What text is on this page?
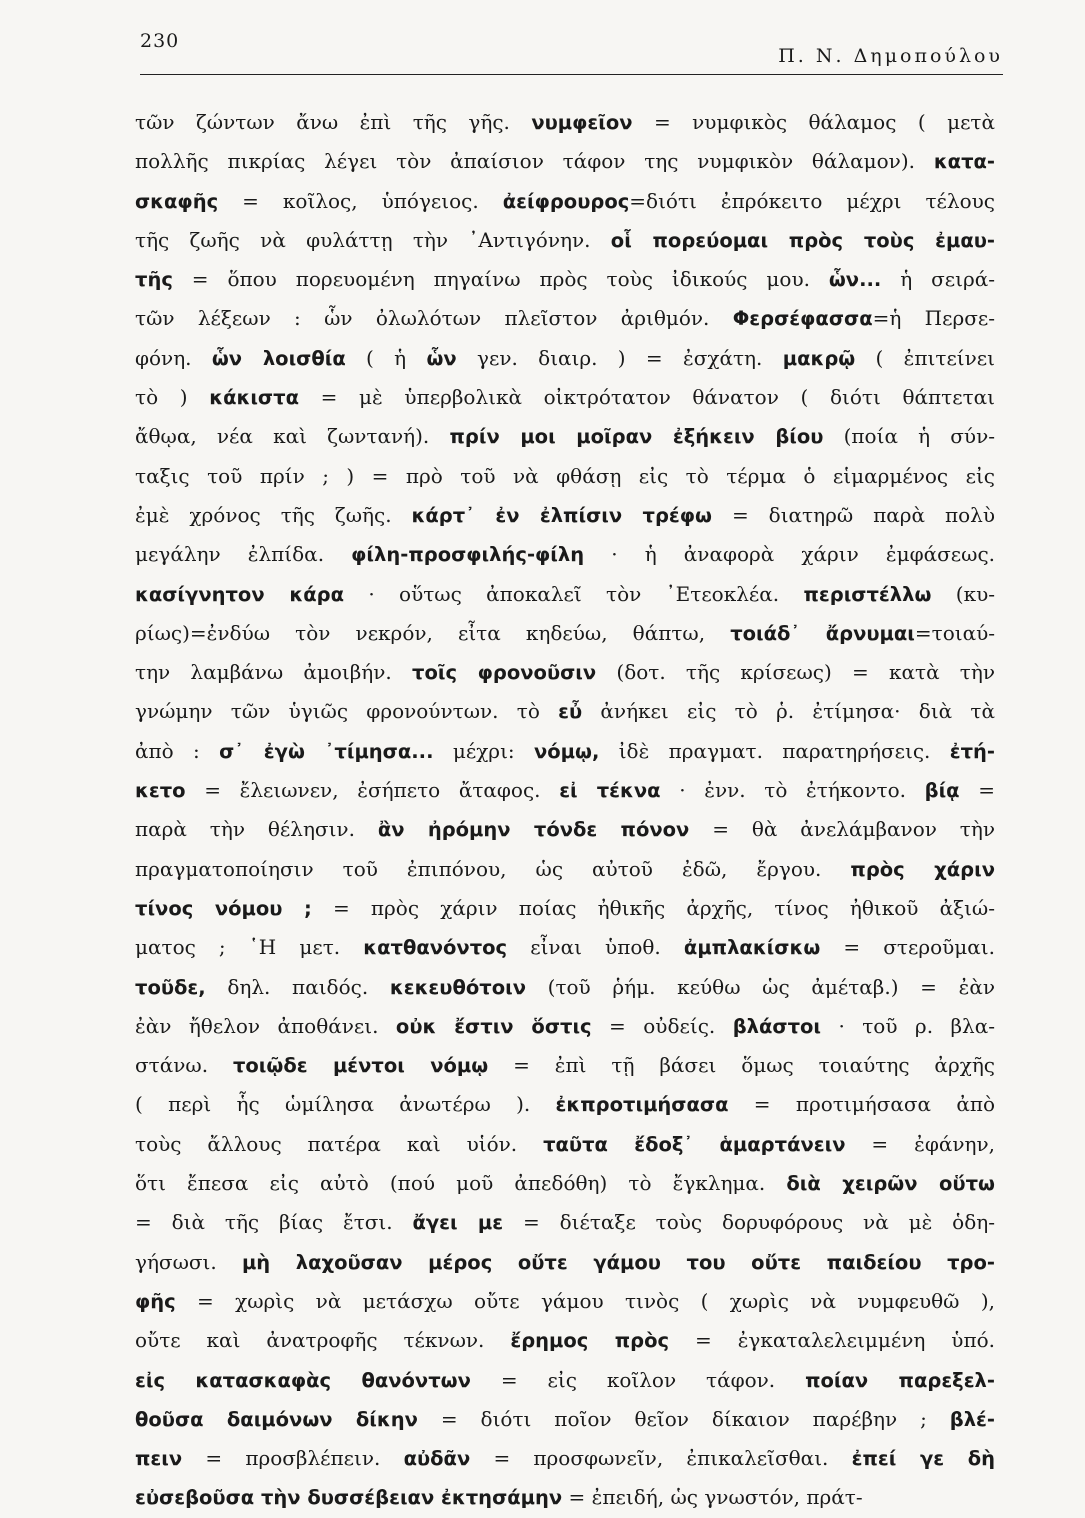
230
Π. Ν. Δημοπούλου
τῶν ζώντων ἄνω ἐπὶ τῆς γῆς. νυμφεῖον = νυμφικὸς θάλαμος ( μετὰ
πολλῆς πικρίας λέγει τὸν ἀπαίσιον τάφον της νυμφικὸν θάλαμον). κατα-
σκαφῆς = κοῖλος, ὑπόγειος. ἀείφρουρος=διότι ἐπρόκειτο μέχρι τέλους
τῆς ζωῆς νὰ φυλάττῃ τὴν ᾽Αντιγόνην. οἷ πορεύομαι πρὸς τοὺς ἐμαυ-
τῆς = ὅπου πορευομένη πηγαίνω πρὸς τοὺς ἰδικούς μου. ὧν... ἡ σειρά-
τῶν λέξεων : ὧν ὀλωλότων πλεῖστον ἀριθμόν. Φερσέφασσα=ἡ Περσε-
φόνη. ὧν λοισθία ( ἡ ὧν γεν. διαιρ. ) = ἐσχάτη. μακρῷ ( ἐπιτείνει
τὸ ) κάκιστα = μὲ ὑπερβολικὰ οἰκτρότατον θάνατον ( διότι θάπτεται
ἄθῳα, νέα καὶ ζωντανή). πρίν μοι μοῖραν ἐξήκειν βίου (ποία ἡ σύν-
ταξις τοῦ πρίν ; ) = πρὸ τοῦ νὰ φθάσῃ εἰς τὸ τέρμα ὁ εἱμαρμένος εἰς
ἐμὲ χρόνος τῆς ζωῆς. κάρτ᾽ ἐν ἐλπίσιν τρέφω = διατηρῶ παρὰ πολὺ
μεγάλην ἐλπίδα. φίλη-προσφιλής-φίλη · ἡ ἀναφορὰ χάριν ἐμφάσεως.
κασίγνητον κάρα · οὕτως ἀποκαλεῖ τὸν ᾽Ετεοκλέα. περιστέλλω (κυ-
ρίως)=ἐνδύω τὸν νεκρόν, εἶτα κηδεύω, θάπτω, τοιάδ᾽ ἄρνυμαι=τοιαύ-
την λαμβάνω ἀμοιβήν. τοῖς φρονοῦσιν (δοτ. τῆς κρίσεως) = κατὰ τὴν
γνώμην τῶν ὑγιῶς φρονούντων. τὸ εὖ ἀνήκει εἰς τὸ ῥ. ἐτίμησα· διὰ τὰ
ἀπὸ : σ᾽ ἐγὼ ᾽τίμησα... μέχρι: νόμῳ, ἰδὲ πραγματ. παρατηρήσεις. ἐτή-
κετο = ἔλειωνεν, ἐσήπετο ἄταφος. εἰ τέκνα · ἐνν. τὸ ἐτήκοντο. βίᾳ =
παρὰ τὴν θέλησιν. ἂν ἠρόμην τόνδε πόνον = θὰ ἀνελάμβανον τὴν
πραγματοποίησιν τοῦ ἐπιπόνου, ὡς αὐτοῦ ἐδῶ, ἔργου. πρὸς χάριν
τίνος νόμου ; = πρὸς χάριν ποίας ἠθικῆς ἀρχῆς, τίνος ἠθικοῦ ἀξιώ-
ματος ; ῾Η μετ. κατθανόντος εἶναι ὑποθ. ἀμπλακίσκω = στεροῦμαι.
τοῦδε, δηλ. παιδός. κεκευθότοιν (τοῦ ῥήμ. κεύθω ὡς ἀμέταβ.) = ἐὰν
ἐὰν ἤθελον ἀποθάνει. οὐκ ἔστιν ὅστις = οὐδείς. βλάστοι · τοῦ ρ. βλα-
στάνω. τοιῷδε μέντοι νόμῳ = ἐπὶ τῇ βάσει ὅμως τοιαύτης ἀρχῆς
( περὶ ἧς ὡμίλησα ἀνωτέρω ). ἐκπροτιμήσασα = προτιμήσασα ἀπὸ
τοὺς ἄλλους πατέρα καὶ υἱόν. ταῦτα ἔδοξ᾽ ἁμαρτάνειν = ἐφάνην,
ὅτι ἔπεσα εἰς αὐτὸ (πού μοῦ ἀπεδόθη) τὸ ἔγκλημα. διὰ χειρῶν οὕτω
= διὰ τῆς βίας ἔτσι. ἄγει με = διέταξε τοὺς δορυφόρους νὰ μὲ ὁδη-
γήσωσι. μὴ λαχοῦσαν μέρος οὔτε γάμου του οὔτε παιδείου τρο-
φῆς = χωρὶς νὰ μετάσχω οὔτε γάμου τινὸς ( χωρὶς νὰ νυμφευθῶ ),
οὔτε καὶ ἀνατροφῆς τέκνων. ἔρημος πρὸς = ἐγκαταλελειμμένη ὑπό.
εἰς κατασκαφὰς θανόντων = εἰς κοῖλον τάφον. ποίαν παρεξελ-
θοῦσα δαιμόνων δίκην = διότι ποῖον θεῖον δίκαιον παρέβην ; βλέ-
πειν = προσβλέπειν. αὐδᾶν = προσφωνεῖν, ἐπικαλεῖσθαι. ἐπεί γε δὴ
εὐσεβοῦσα τὴν δυσσέβειαν ἐκτησάμην = ἐπειδή, ὡς γνωστόν, πράτ-
